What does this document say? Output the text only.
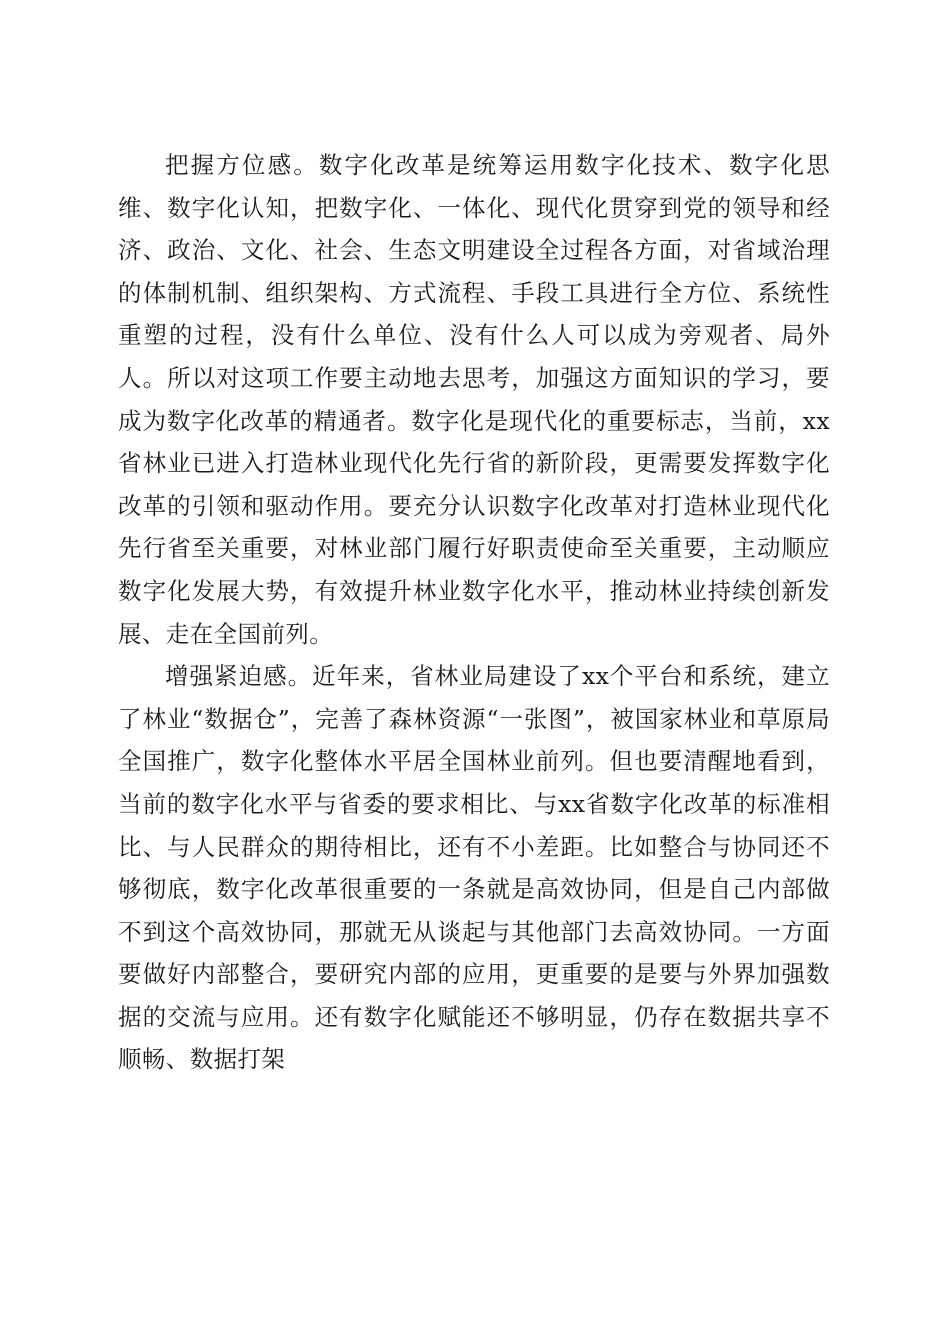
把握方位感。数字化改革是统筹运用数字化技术、数字化思维、数字化认知，把数字化、一体化、现代化贯穿到党的领导和经济、政治、文化、社会、生态文明建设全过程各方面，对省域治理的体制机制、组织架构、方式流程、手段工具进行全方位、系统性重塑的过程，没有什么单位、没有什么人可以成为旁观者、局外人。所以对这项工作要主动地去思考，加强这方面知识的学习，要成为数字化改革的精通者。数字化是现代化的重要标志，当前，xx省林业已进入打造林业现代化先行省的新阶段，更需要发挥数字化改革的引领和驱动作用。要充分认识数字化改革对打造林业现代化先行省至关重要，对林业部门履行好职责使命至关重要，主动顺应数字化发展大势，有效提升林业数字化水平，推动林业持续创新发展、走在全国前列。

增强紧迫感。近年来，省林业局建设了xx个平台和系统，建立了林业“数据仓”，完善了森林资源“一张图”，被国家林业和草原局全国推广，数字化整体水平居全国林业前列。但也要清醒地看到，当前的数字化水平与省委的要求相比、与xx省数字化改革的标准相比、与人民群众的期待相比，还有不小差距。比如整合与协同还不够彻底，数字化改革很重要的一条就是高效协同，但是自己内部做不到这个高效协同，那就无从谈起与其他部门去高效协同。一方面要做好内部整合，要研究内部的应用，更重要的是要与外界加强数据的交流与应用。还有数字化赋能还不够明显，仍存在数据共享不顺畅、数据打架
